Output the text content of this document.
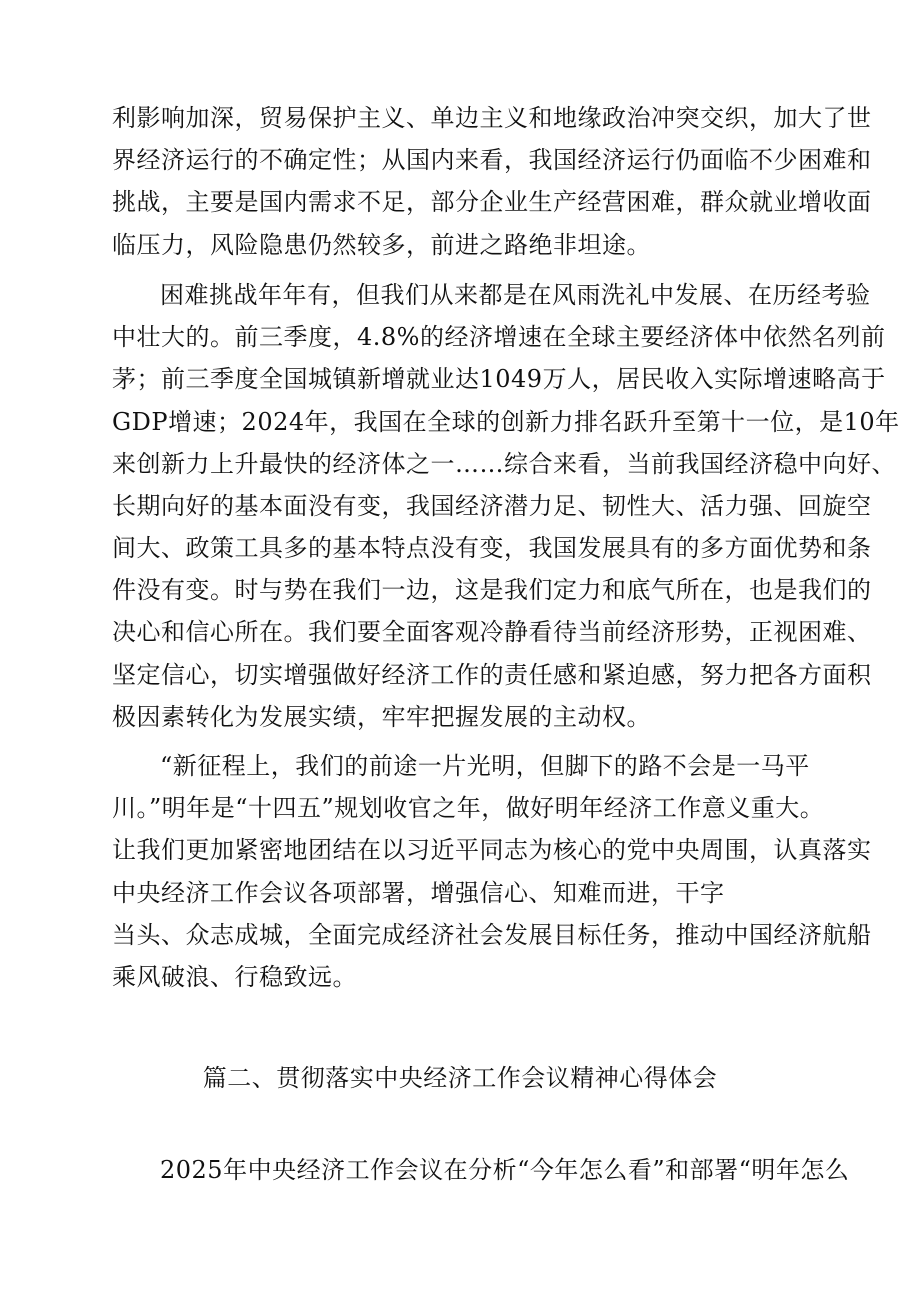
利影响加深，贸易保护主义、单边主义和地缘政治冲突交织，加大了世
界经济运行的不确定性；从国内来看，我国经济运行仍面临不少困难和
挑战，主要是国内需求不足，部分企业生产经营困难，群众就业增收面
临压力，风险隐患仍然较多，前进之路绝非坦途。
困难挑战年年有，但我们从来都是在风雨洗礼中发展、在历经考验
中壮大的。前三季度，4.8%的经济增速在全球主要经济体中依然名列前
茅；前三季度全国城镇新增就业达1049万人，居民收入实际增速略高于
GDP增速；2024年，我国在全球的创新力排名跃升至第十一位，是10年
来创新力上升最快的经济体之一……综合来看，当前我国经济稳中向好、
长期向好的基本面没有变，我国经济潜力足、韧性大、活力强、回旋空
间大、政策工具多的基本特点没有变，我国发展具有的多方面优势和条
件没有变。时与势在我们一边，这是我们定力和底气所在，也是我们的
决心和信心所在。我们要全面客观冷静看待当前经济形势，正视困难、
坚定信心，切实增强做好经济工作的责任感和紧迫感，努力把各方面积
极因素转化为发展实绩，牢牢把握发展的主动权。
“新征程上，我们的前途一片光明，但脚下的路不会是一马平
川。”明年是“十四五”规划收官之年，做好明年经济工作意义重大。
让我们更加紧密地团结在以习近平同志为核心的党中央周围，认真落实
中央经济工作会议各项部署，增强信心、知难而进，干字
当头、众志成城，全面完成经济社会发展目标任务，推动中国经济航船
乘风破浪、行稳致远。
篇二、贯彻落实中央经济工作会议精神心得体会
2025年中央经济工作会议在分析“今年怎么看”和部署“明年怎么
